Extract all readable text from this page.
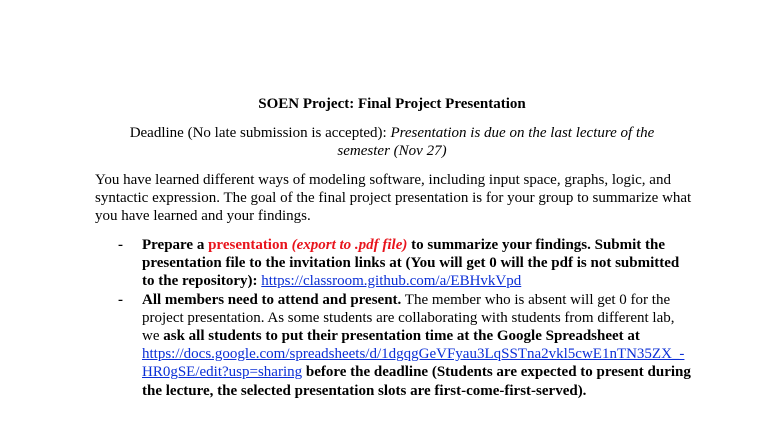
SOEN Project: Final Project Presentation
Deadline (No late submission is accepted): Presentation is due on the last lecture of the semester (Nov 27)
You have learned different ways of modeling software, including input space, graphs, logic, and syntactic expression. The goal of the final project presentation is for your group to summarize what you have learned and your findings.
- Prepare a presentation (export to .pdf file) to summarize your findings. Submit the presentation file to the invitation links at (You will get 0 will the pdf is not submitted to the repository): https://classroom.github.com/a/EBHvkVpd
- All members need to attend and present. The member who is absent will get 0 for the project presentation. As some students are collaborating with students from different lab, we ask all students to put their presentation time at the Google Spreadsheet at https://docs.google.com/spreadsheets/d/1dgqgGeVFyau3LqSSTna2vkl5cwE1nTN35ZX_-HR0gSE/edit?usp=sharing before the deadline (Students are expected to present during the lecture, the selected presentation slots are first-come-first-served).
